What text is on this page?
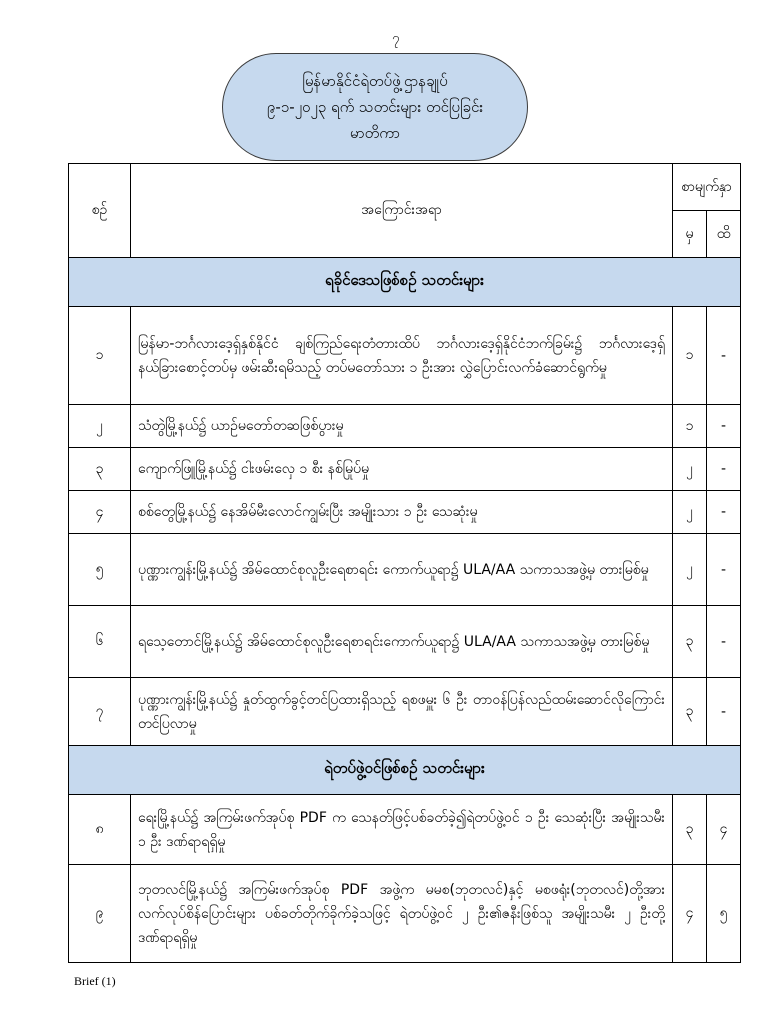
၇
မြန်မာနိုင်ငံရဲတပ်ဖွဲ့ဌာနချုပ်
၉-၁-၂၀၂၃ ရက် သတင်းများ တင်ပြခြင်း
မာတိကာ
စဉ်	အကြောင်းအရာ	စာမျက်နှာ	
		မှ	ထိ
ရခိုင်ဒေသဖြစ်စဉ် သတင်းများ			
၁	မြန်မာ-ဘင်္ဂလားဒေ့ရှ်နှစ်နိုင်ငံ ချစ်ကြည်ရေးတံတားထိပ် ဘင်္ဂလားဒေ့ရှ်နိုင်ငံဘက်ခြမ်း၌ ဘင်္ဂလားဒေ့ရှ် နယ်ခြားစောင့်တပ်မှ ဖမ်းဆီးရမိသည့် တပ်မတော်သား ၁ ဦးအား လွှဲပြောင်းလက်ခံဆောင်ရွက်မှု	၁	-
၂	သံတွဲမြို့နယ်၌ ယာဉ်မတော်တဆဖြစ်ပွားမှု	၁	-
၃	ကျောက်ဖြူမြို့နယ်၌ ငါးဖမ်းလှေ ၁ စီး နစ်မြုပ်မှု	၂	-
၄	စစ်တွေမြို့နယ်၌ နေအိမ်မီးလောင်ကျွမ်းပြီး အမျိုးသား ၁ ဦး သေဆုံးမှု	၂	-
၅	ပုဏ္ဏားကျွန်းမြို့နယ်၌ အိမ်ထောင်စုလူဦးရေစာရင်း ကောက်ယူရာ၌ ULA/AA သကာသအဖွဲ့မှ တားမြစ်မှု	၂	-
၆	ရသေ့တောင်မြို့နယ်၌ အိမ်ထောင်စုလူဦးရေစာရင်းကောက်ယူရာ၌ ULA/AA သကာသအဖွဲ့မှ တားမြစ်မှု	၃	-
၇	ပုဏ္ဏားကျွန်းမြို့နယ်၌ နှုတ်ထွက်ခွင့်တင်ပြထားရှိသည့် ရစဖမှူး ၆ ဦး တာဝန်ပြန်လည်ထမ်းဆောင်လိုကြောင်းတင်ပြလာမှု	၃	-
ရဲတပ်ဖွဲ့ဝင်ဖြစ်စဉ် သတင်းများ			
၈	ရေးမြို့နယ်၌ အကြမ်းဖက်အုပ်စု PDF က သေနတ်ဖြင့်ပစ်ခတ်ခဲ့၍ရဲတပ်ဖွဲ့ဝင် ၁ ဦး သေဆုံးပြီး အမျိုးသမီး ၁ ဦး ဒဏ်ရာရရှိမှု	၃	၄
၉	ဘုတလင်မြို့နယ်၌ အကြမ်းဖက်အုပ်စု PDF အဖွဲ့က မမစ(ဘုတလင်)နှင့် မစဖရုံး(ဘုတလင်)တို့အား လက်လုပ်စိန်ပြောင်းများ ပစ်ခတ်တိုက်ခိုက်ခဲ့သဖြင့် ရဲတပ်ဖွဲ့ဝင် ၂ ဦး၏ဇနီးဖြစ်သူ အမျိုးသမီး ၂ ဦးတို့ ဒဏ်ရာရရှိမှု	၄	၅
Brief (1)
